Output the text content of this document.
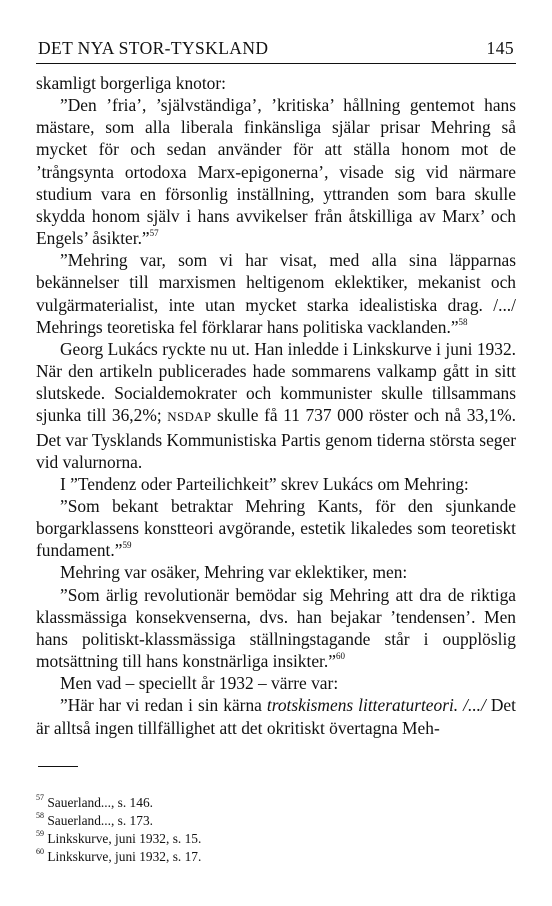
DET NYA STOR-TYSKLAND	145

skamligt borgerliga knotor:

”Den ’fria’, ’självständiga’, ’kritiska’ hållning gentemot hans mästare, som alla liberala finkänsliga själar prisar Mehring så mycket för och sedan använder för att ställa honom mot de ’trångsynta ortodoxa Marx-epigonerna’, visade sig vid närmare studium vara en försonlig inställning, yttranden som bara skulle skydda honom själv i hans avvikelser från åtskilliga av Marx’ och Engels’ åsikter.”$^{57}$

”Mehring var, som vi har visat, med alla sina läpparnas bekännelser till marxismen heltigenom eklektiker, mekanist och vulgärmaterialist, inte utan mycket starka idealistiska drag. /.../ Mehrings teoretiska fel förklarar hans politiska vacklanden.”$^{58}$

Georg Lukács ryckte nu ut. Han inledde i Linkskurve i juni 1932. När den artikeln publicerades hade sommarens valkamp gått in sitt slutskede. Socialdemokrater och kommunister skulle tillsammans sjunka till 36,2%; NSDAP skulle få 11 737 000 röster och nå 33,1%. Det var Tysklands Kommunistiska Partis genom tiderna största seger vid valurnorna.

I ”Tendenz oder Parteilichkeit” skrev Lukács om Mehring:

”Som bekant betraktar Mehring Kants, för den sjunkande borgarklassens konstteori avgörande, estetik likaledes som teoretiskt fundament.”$^{59}$

Mehring var osäker, Mehring var eklektiker, men:

”Som ärlig revolutionär bemödar sig Mehring att dra de riktiga klassmässiga konsekvenserna, dvs. han bejakar ’tendensen’. Men hans politiskt-klassmässiga ställningstagande står i oupplöslig motsättning till hans konstnärliga insikter.”$^{60}$

Men vad – speciellt år 1932 – värre var:

”Här har vi redan i sin kärna trotskismens litteraturteori. /.../ Det är alltså ingen tillfällighet att det okritiskt övertagna Meh-

$^{57}$ Sauerland..., s. 146.

$^{58}$ Sauerland..., s. 173.

$^{59}$ Linkskurve, juni 1932, s. 15.

$^{60}$ Linkskurve, juni 1932, s. 17.
